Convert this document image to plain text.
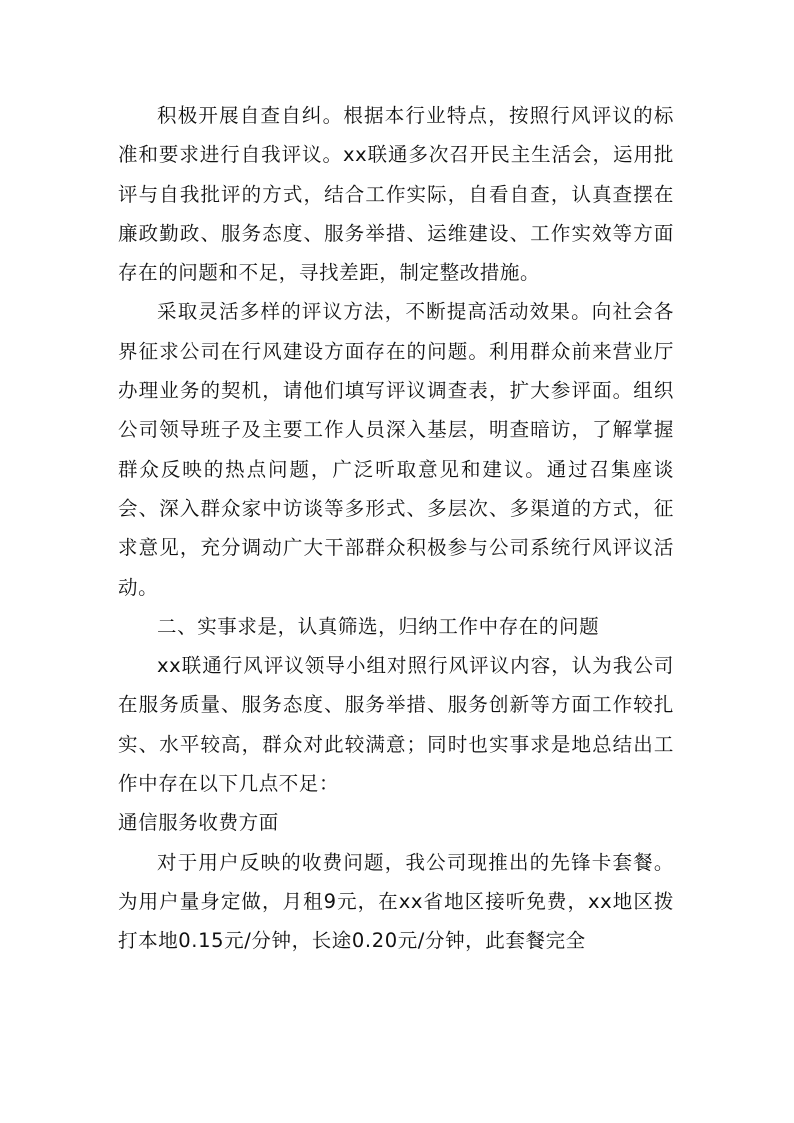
积极开展自查自纠。根据本行业特点，按照行风评议的标准和要求进行自我评议。xx联通多次召开民主生活会，运用批评与自我批评的方式，结合工作实际，自看自查，认真查摆在廉政勤政、服务态度、服务举措、运维建设、工作实效等方面存在的问题和不足，寻找差距，制定整改措施。

采取灵活多样的评议方法，不断提高活动效果。向社会各界征求公司在行风建设方面存在的问题。利用群众前来营业厅办理业务的契机，请他们填写评议调查表，扩大参评面。组织公司领导班子及主要工作人员深入基层，明查暗访，了解掌握群众反映的热点问题，广泛听取意见和建议。通过召集座谈会、深入群众家中访谈等多形式、多层次、多渠道的方式，征求意见，充分调动广大干部群众积极参与公司系统行风评议活动。

二、实事求是，认真筛选，归纳工作中存在的问题

xx联通行风评议领导小组对照行风评议内容，认为我公司在服务质量、服务态度、服务举措、服务创新等方面工作较扎实、水平较高，群众对此较满意；同时也实事求是地总结出工作中存在以下几点不足：

通信服务收费方面

对于用户反映的收费问题，我公司现推出的先锋卡套餐。为用户量身定做，月租9元，在xx省地区接听免费，xx地区拨打本地0.15元/分钟，长途0.20元/分钟，此套餐完全
